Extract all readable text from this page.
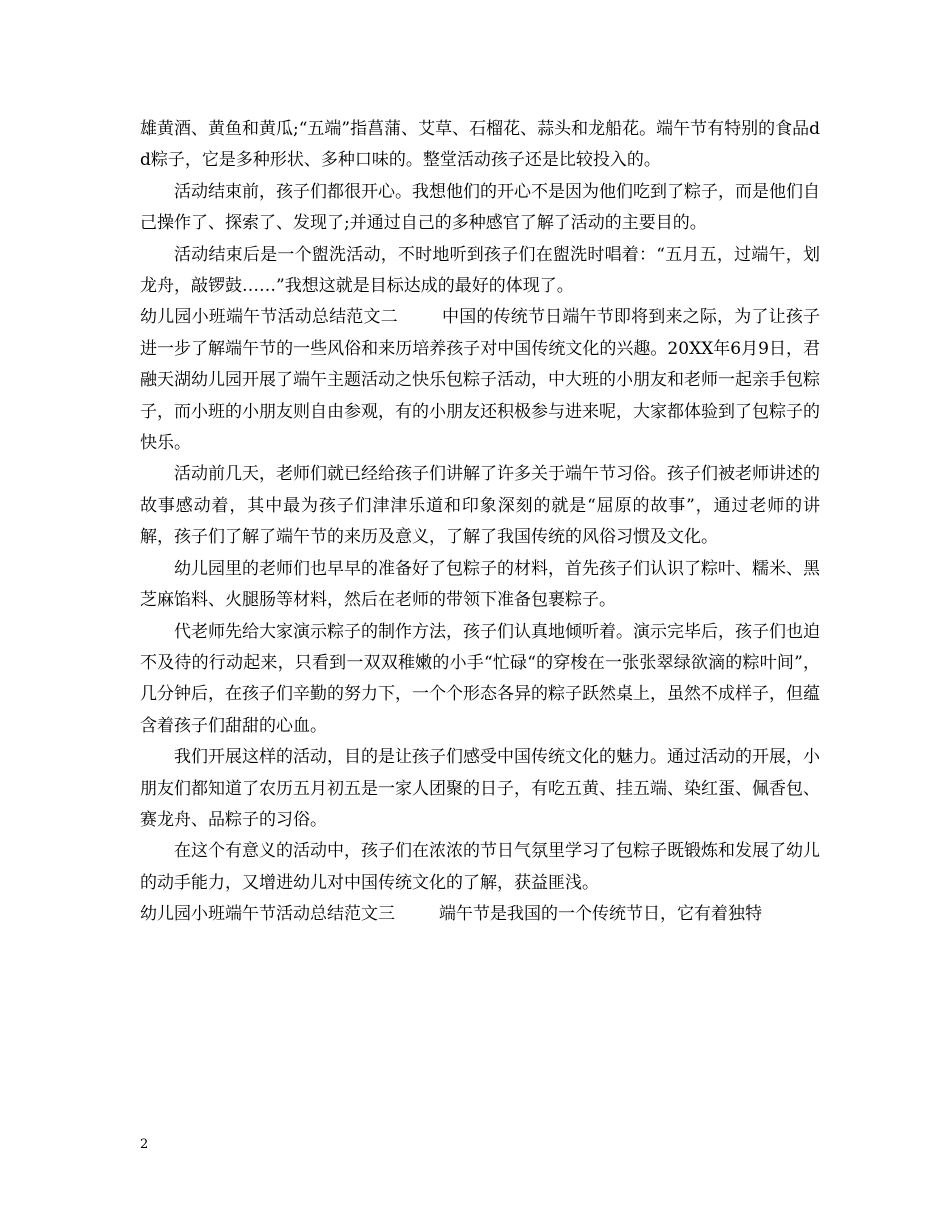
雄黄酒、黄鱼和黄瓜;“五端”指菖蒲、艾草、石榴花、蒜头和龙船花。端午节有特别的食品dd粽子，它是多种形状、多种口味的。整堂活动孩子还是比较投入的。

活动结束前，孩子们都很开心。我想他们的开心不是因为他们吃到了粽子，而是他们自己操作了、探索了、发现了;并通过自己的多种感官了解了活动的主要目的。

活动结束后是一个盥洗活动，不时地听到孩子们在盥洗时唱着：“五月五，过端午，划龙舟，敲锣鼓……”我想这就是目标达成的最好的体现了。

幼儿园小班端午节活动总结范文二	中国的传统节日端午节即将到来之际，为了让孩子进一步了解端午节的一些风俗和来历培养孩子对中国传统文化的兴趣。20XX年6月9日，君融天湖幼儿园开展了端午主题活动之快乐包粽子活动，中大班的小朋友和老师一起亲手包粽子，而小班的小朋友则自由参观，有的小朋友还积极参与进来呢，大家都体验到了包粽子的快乐。

活动前几天，老师们就已经给孩子们讲解了许多关于端午节习俗。孩子们被老师讲述的故事感动着，其中最为孩子们津津乐道和印象深刻的就是“屈原的故事”，通过老师的讲解，孩子们了解了端午节的来历及意义，了解了我国传统的风俗习惯及文化。

幼儿园里的老师们也早早的准备好了包粽子的材料，首先孩子们认识了粽叶、糯米、黑芝麻馅料、火腿肠等材料，然后在老师的带领下准备包裹粽子。

代老师先给大家演示粽子的制作方法，孩子们认真地倾听着。演示完毕后，孩子们也迫不及待的行动起来，只看到一双双稚嫩的小手“忙碌“的穿梭在一张张翠绿欲滴的粽叶间”，几分钟后，在孩子们辛勤的努力下，一个个形态各异的粽子跃然桌上，虽然不成样子，但蕴含着孩子们甜甜的心血。

我们开展这样的活动，目的是让孩子们感受中国传统文化的魅力。通过活动的开展，小朋友们都知道了农历五月初五是一家人团聚的日子，有吃五黄、挂五端、染红蛋、佩香包、赛龙舟、品粽子的习俗。

在这个有意义的活动中，孩子们在浓浓的节日气氛里学习了包粽子既锻炼和发展了幼儿的动手能力，又增进幼儿对中国传统文化的了解，获益匪浅。

幼儿园小班端午节活动总结范文三	端午节是我国的一个传统节日，它有着独特

2
